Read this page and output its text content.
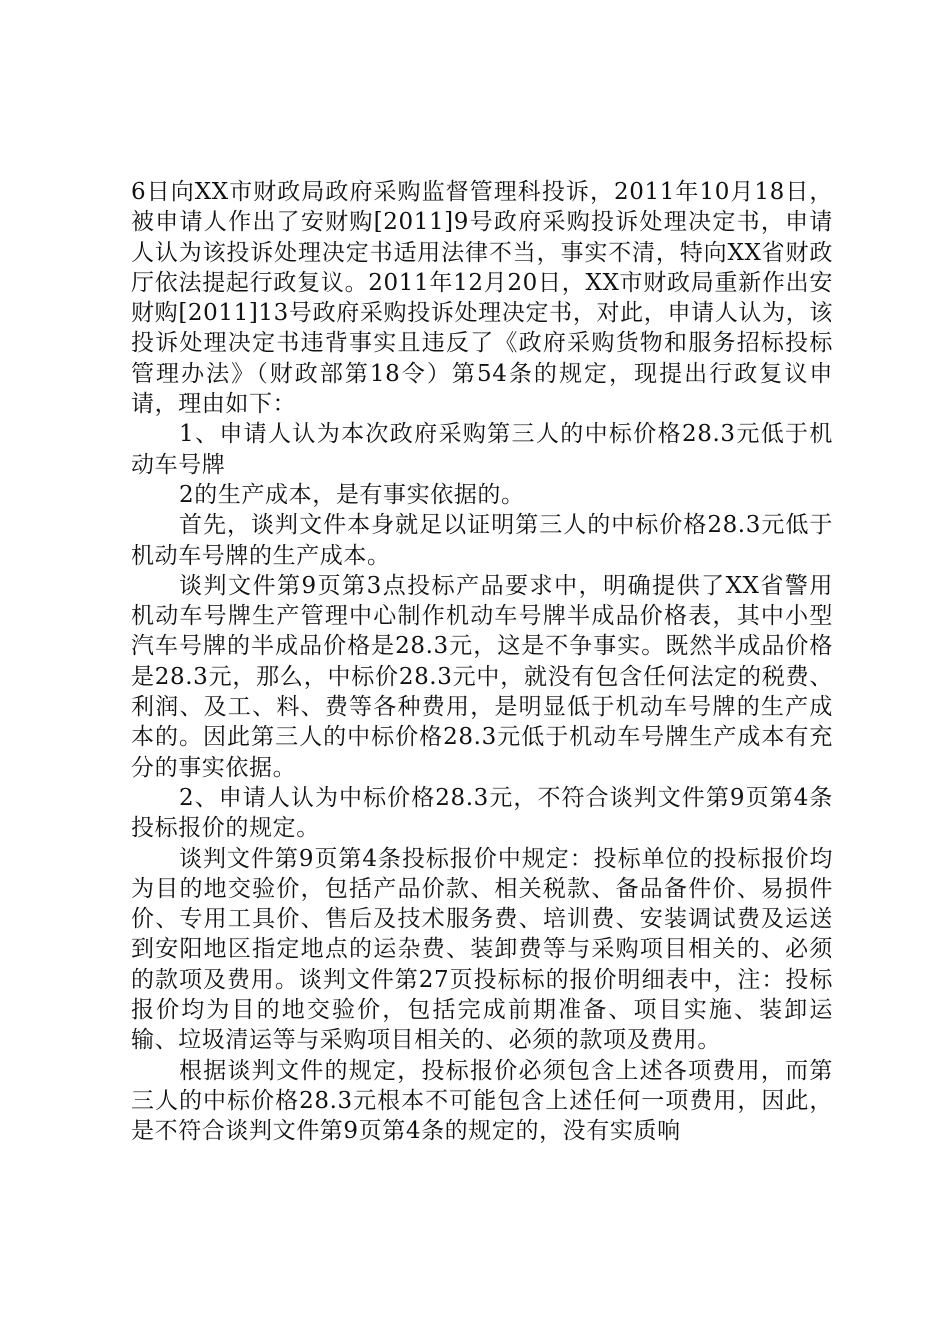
6日向XX市财政局政府采购监督管理科投诉，2011年10月18日，被申请人作出了安财购[2011]9号政府采购投诉处理决定书，申请人认为该投诉处理决定书适用法律不当，事实不清，特向XX省财政厅依法提起行政复议。2011年12月20日，XX市财政局重新作出安财购[2011]13号政府采购投诉处理决定书，对此，申请人认为，该投诉处理决定书违背事实且违反了《政府采购货物和服务招标投标管理办法》（财政部第18令）第54条的规定，现提出行政复议申请，理由如下：

1、申请人认为本次政府采购第三人的中标价格28.3元低于机动车号牌

2的生产成本，是有事实依据的。

首先，谈判文件本身就足以证明第三人的中标价格28.3元低于机动车号牌的生产成本。

谈判文件第9页第3点投标产品要求中，明确提供了XX省警用机动车号牌生产管理中心制作机动车号牌半成品价格表，其中小型汽车号牌的半成品价格是28.3元，这是不争事实。既然半成品价格是28.3元，那么，中标价28.3元中，就没有包含任何法定的税费、利润、及工、料、费等各种费用，是明显低于机动车号牌的生产成本的。因此第三人的中标价格28.3元低于机动车号牌生产成本有充分的事实依据。

2、申请人认为中标价格28.3元，不符合谈判文件第9页第4条投标报价的规定。

谈判文件第9页第4条投标报价中规定：投标单位的投标报价均为目的地交验价，包括产品价款、相关税款、备品备件价、易损件价、专用工具价、售后及技术服务费、培训费、安装调试费及运送到安阳地区指定地点的运杂费、装卸费等与采购项目相关的、必须的款项及费用。谈判文件第27页投标标的报价明细表中，注：投标报价均为目的地交验价，包括完成前期准备、项目实施、装卸运输、垃圾清运等与采购项目相关的、必须的款项及费用。

根据谈判文件的规定，投标报价必须包含上述各项费用，而第三人的中标价格28.3元根本不可能包含上述任何一项费用，因此，是不符合谈判文件第9页第4条的规定的，没有实质响
